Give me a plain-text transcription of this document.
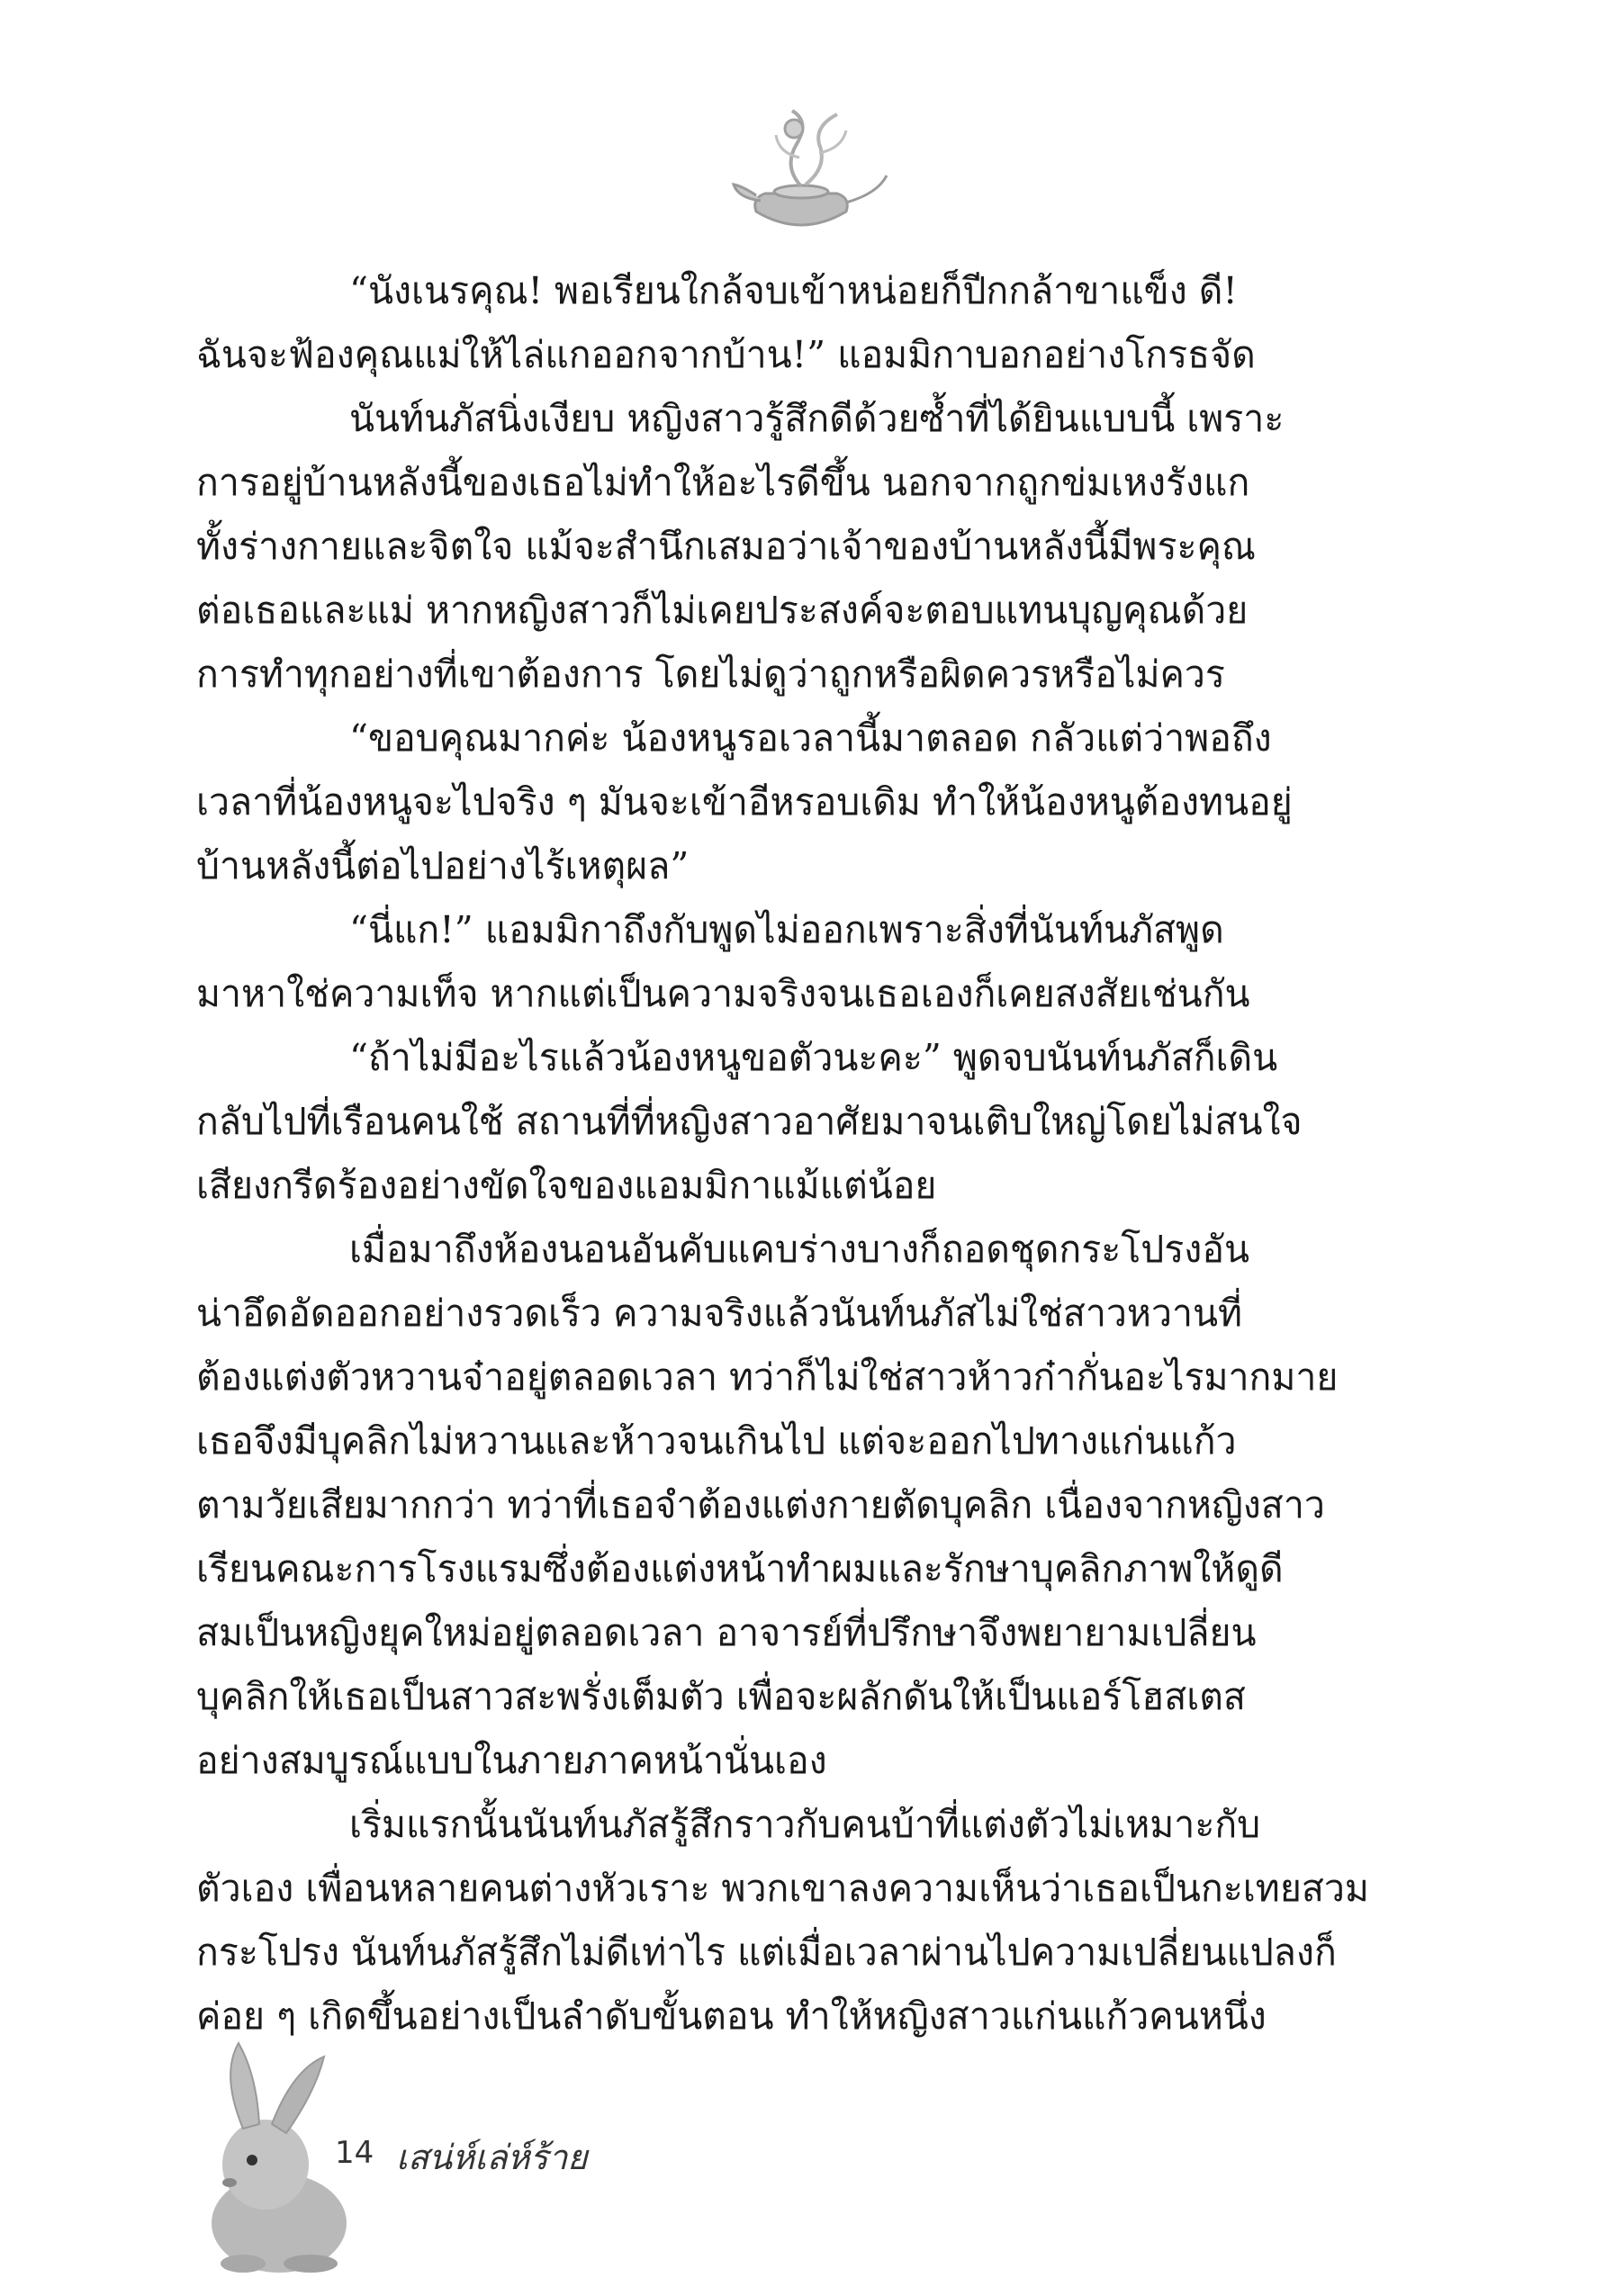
“นังเนรคุณ! พอเรียนใกล้จบเข้าหน่อยก็ปีกกล้าขาแข็ง ดี!
ฉันจะฟ้องคุณแม่ให้ไล่แกออกจากบ้าน!” แอมมิกาบอกอย่างโกรธจัด
นันท์นภัสนิ่งเงียบ หญิงสาวรู้สึกดีด้วยซ้ำที่ได้ยินแบบนี้ เพราะ
การอยู่บ้านหลังนี้ของเธอไม่ทำให้อะไรดีขึ้น นอกจากถูกข่มเหงรังแก
ทั้งร่างกายและจิตใจ แม้จะสำนึกเสมอว่าเจ้าของบ้านหลังนี้มีพระคุณ
ต่อเธอและแม่ หากหญิงสาวก็ไม่เคยประสงค์จะตอบแทนบุญคุณด้วย
การทำทุกอย่างที่เขาต้องการ โดยไม่ดูว่าถูกหรือผิดควรหรือไม่ควร
“ขอบคุณมากค่ะ น้องหนูรอเวลานี้มาตลอด กลัวแต่ว่าพอถึง
เวลาที่น้องหนูจะไปจริง ๆ มันจะเข้าอีหรอบเดิม ทำให้น้องหนูต้องทนอยู่
บ้านหลังนี้ต่อไปอย่างไร้เหตุผล”
“นี่แก!” แอมมิกาถึงกับพูดไม่ออกเพราะสิ่งที่นันท์นภัสพูด
มาหาใช่ความเท็จ หากแต่เป็นความจริงจนเธอเองก็เคยสงสัยเช่นกัน
“ถ้าไม่มีอะไรแล้วน้องหนูขอตัวนะคะ” พูดจบนันท์นภัสก็เดิน
กลับไปที่เรือนคนใช้ สถานที่ที่หญิงสาวอาศัยมาจนเติบใหญ่โดยไม่สนใจ
เสียงกรีดร้องอย่างขัดใจของแอมมิกาแม้แต่น้อย
เมื่อมาถึงห้องนอนอันคับแคบร่างบางก็ถอดชุดกระโปรงอัน
น่าอึดอัดออกอย่างรวดเร็ว ความจริงแล้วนันท์นภัสไม่ใช่สาวหวานที่
ต้องแต่งตัวหวานจ๋าอยู่ตลอดเวลา ทว่าก็ไม่ใช่สาวห้าวก๋ากั่นอะไรมากมาย
เธอจึงมีบุคลิกไม่หวานและห้าวจนเกินไป แต่จะออกไปทางแก่นแก้ว
ตามวัยเสียมากกว่า ทว่าที่เธอจำต้องแต่งกายตัดบุคลิก เนื่องจากหญิงสาว
เรียนคณะการโรงแรมซึ่งต้องแต่งหน้าทำผมและรักษาบุคลิกภาพให้ดูดี
สมเป็นหญิงยุคใหม่อยู่ตลอดเวลา อาจารย์ที่ปรึกษาจึงพยายามเปลี่ยน
บุคลิกให้เธอเป็นสาวสะพรั่งเต็มตัว เพื่อจะผลักดันให้เป็นแอร์โฮสเตส
อย่างสมบูรณ์แบบในภายภาคหน้านั่นเอง
เริ่มแรกนั้นนันท์นภัสรู้สึกราวกับคนบ้าที่แต่งตัวไม่เหมาะกับ
ตัวเอง เพื่อนหลายคนต่างหัวเราะ พวกเขาลงความเห็นว่าเธอเป็นกะเทยสวม
กระโปรง นันท์นภัสรู้สึกไม่ดีเท่าไร แต่เมื่อเวลาผ่านไปความเปลี่ยนแปลงก็
ค่อย ๆ เกิดขึ้นอย่างเป็นลำดับขั้นตอน ทำให้หญิงสาวแก่นแก้วคนหนึ่ง
14 เสน่ห์เล่ห์ร้าย
